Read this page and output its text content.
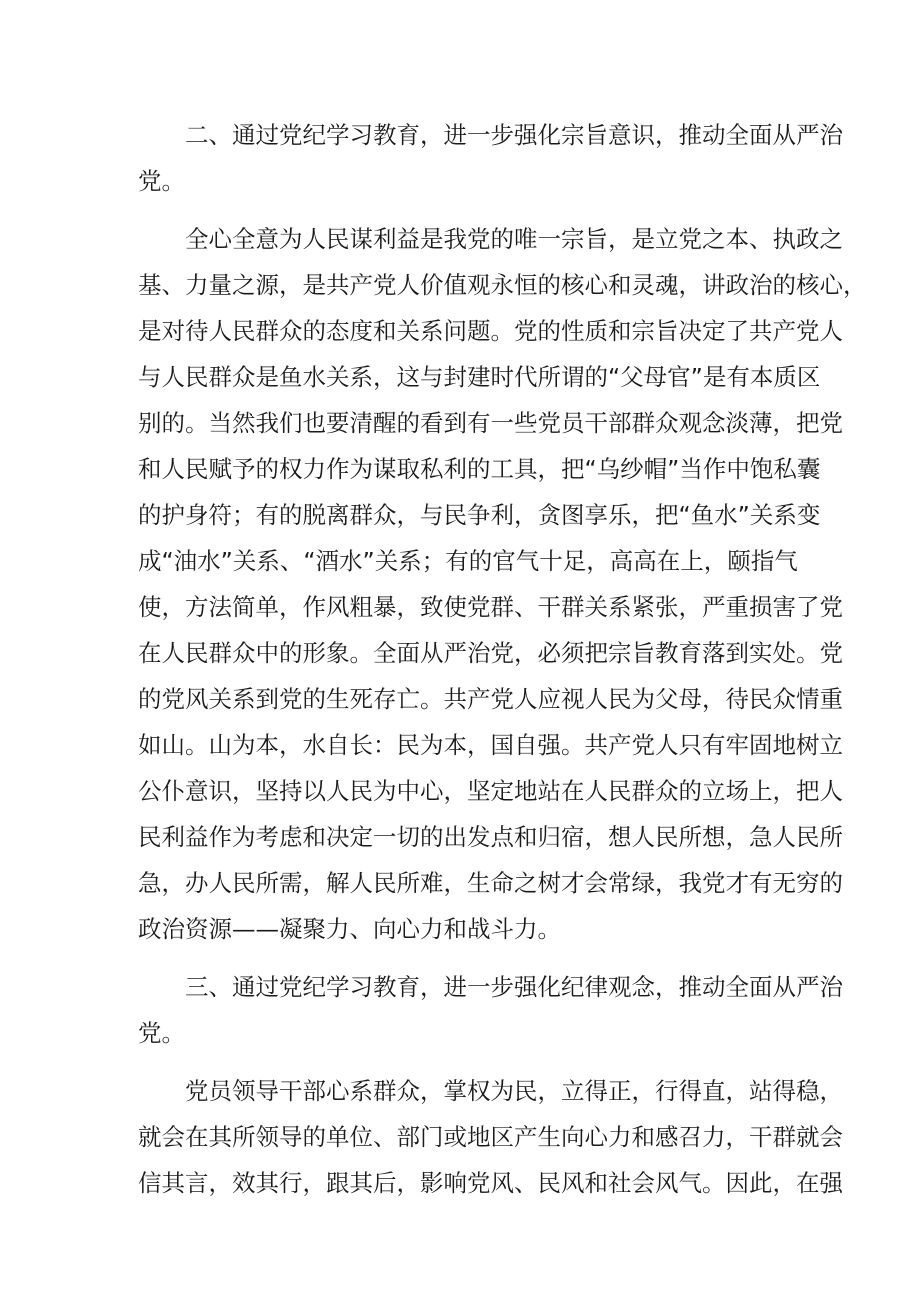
二、通过党纪学习教育，进一步强化宗旨意识，推动全面从严治

党。

全心全意为人民谋利益是我党的唯一宗旨，是立党之本、执政之

基、力量之源，是共产党人价值观永恒的核心和灵魂，讲政治的核心，

是对待人民群众的态度和关系问题。党的性质和宗旨决定了共产党人

与人民群众是鱼水关系，这与封建时代所谓的“父母官”是有本质区

别的。当然我们也要清醒的看到有一些党员干部群众观念淡薄，把党

和人民赋予的权力作为谋取私利的工具，把“乌纱帽”当作中饱私囊

的护身符；有的脱离群众，与民争利，贪图享乐，把“鱼水”关系变

成“油水”关系、“酒水”关系；有的官气十足，高高在上，颐指气

使，方法简单，作风粗暴，致使党群、干群关系紧张，严重损害了党

在人民群众中的形象。全面从严治党，必须把宗旨教育落到实处。党

的党风关系到党的生死存亡。共产党人应视人民为父母，待民众情重

如山。山为本，水自长：民为本，国自强。共产党人只有牢固地树立

公仆意识，坚持以人民为中心，坚定地站在人民群众的立场上，把人

民利益作为考虑和决定一切的出发点和归宿，想人民所想，急人民所

急，办人民所需，解人民所难，生命之树才会常绿，我党才有无穷的

政治资源——凝聚力、向心力和战斗力。

三、通过党纪学习教育，进一步强化纪律观念，推动全面从严治

党。

党员领导干部心系群众，掌权为民，立得正，行得直，站得稳，

就会在其所领导的单位、部门或地区产生向心力和感召力，干群就会

信其言，效其行，跟其后，影响党风、民风和社会风气。因此，在强
